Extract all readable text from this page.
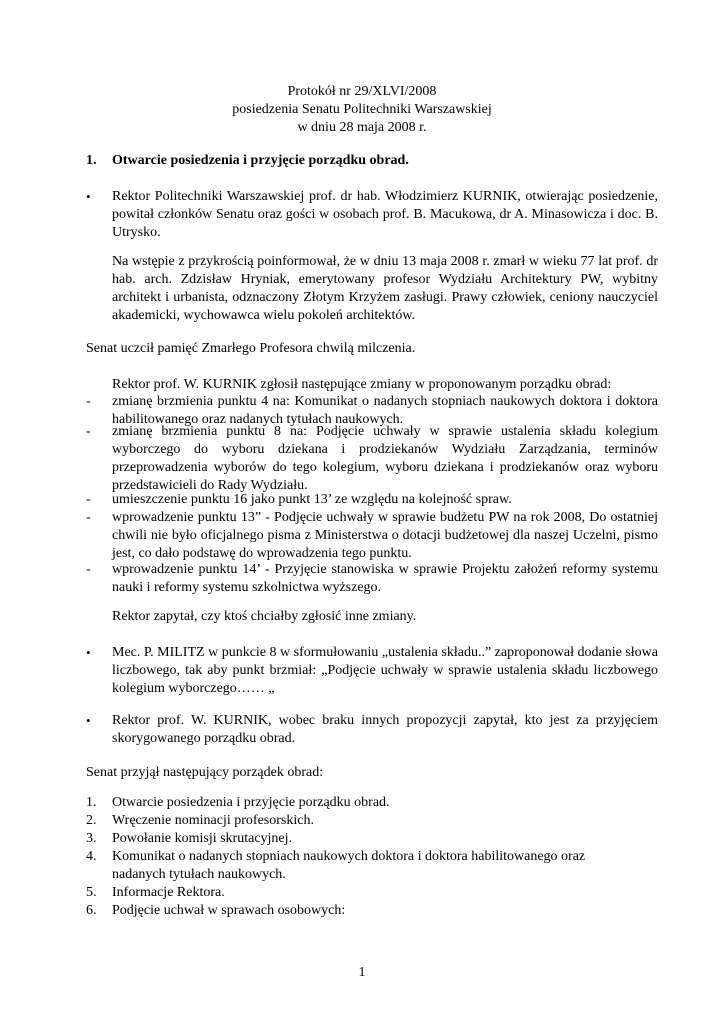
Protokół nr 29/XLVI/2008
posiedzenia Senatu Politechniki Warszawskiej
w dniu 28 maja 2008 r.
1. Otwarcie posiedzenia i przyjęcie porządku obrad.
• Rektor Politechniki Warszawskiej prof. dr hab. Włodzimierz KURNIK, otwierając posiedzenie, powitał członków Senatu oraz gości w osobach prof. B. Macukowa, dr A. Minasowicza i doc. B. Utrysko.

Na wstępie z przykrością poinformował, że w dniu 13 maja 2008 r. zmarł w wieku 77 lat prof. dr hab. arch. Zdzisław Hryniak, emerytowany profesor Wydziału Architektury PW, wybitny architekt i urbanista, odznaczony Złotym Krzyżem zasługi. Prawy człowiek, ceniony nauczyciel akademicki, wychowawca wielu pokoleń architektów.

Senat uczcił pamięć Zmarłego Profesora chwilą milczenia.
Rektor prof. W. KURNIK zgłosił następujące zmiany w proponowanym porządku obrad:
- zmianę brzmienia punktu 4 na: Komunikat o nadanych stopniach naukowych doktora i doktora habilitowanego oraz nadanych tytułach naukowych.
- zmianę brzmienia punktu 8 na: Podjęcie uchwały w sprawie ustalenia składu kolegium wyborczego do wyboru dziekana i prodziekanów Wydziału Zarządzania, terminów przeprowadzenia wyborów do tego kolegium, wyboru dziekana i prodziekanów oraz wyboru przedstawicieli do Rady Wydziału.
- umieszczenie punktu 16 jako punkt 13’ ze względu na kolejność spraw.
- wprowadzenie punktu 13” - Podjęcie uchwały w sprawie budżetu PW na rok 2008, Do ostatniej chwili nie było oficjalnego pisma z Ministerstwa o dotacji budżetowej dla naszej Uczelni, pismo jest, co dało podstawę do wprowadzenia tego punktu.
- wprowadzenie punktu 14’ - Przyjęcie stanowiska w sprawie Projektu założeń reformy systemu nauki i reformy systemu szkolnictwa wyższego.
Rektor zapytał, czy ktoś chciałby zgłosić inne zmiany.
• Mec. P. MILITZ w punkcie 8 w sformułowaniu „ustalenia składu..” zaproponował dodanie słowa liczbowego, tak aby punkt brzmiał: „Podjęcie uchwały w sprawie ustalenia składu liczbowego kolegium wyborczego…… „

• Rektor prof. W. KURNIK, wobec braku innych propozycji zapytał, kto jest za przyjęciem skorygowanego porządku obrad.

Senat przyjął następujący porządek obrad:
1. Otwarcie posiedzenia i przyjęcie porządku obrad.
2. Wręczenie nominacji profesorskich.
3. Powołanie komisji skrutacyjnej.
4. Komunikat o nadanych stopniach naukowych doktora i doktora habilitowanego oraz nadanych tytułach naukowych.
5. Informacje Rektora.
6. Podjęcie uchwał w sprawach osobowych:
1
